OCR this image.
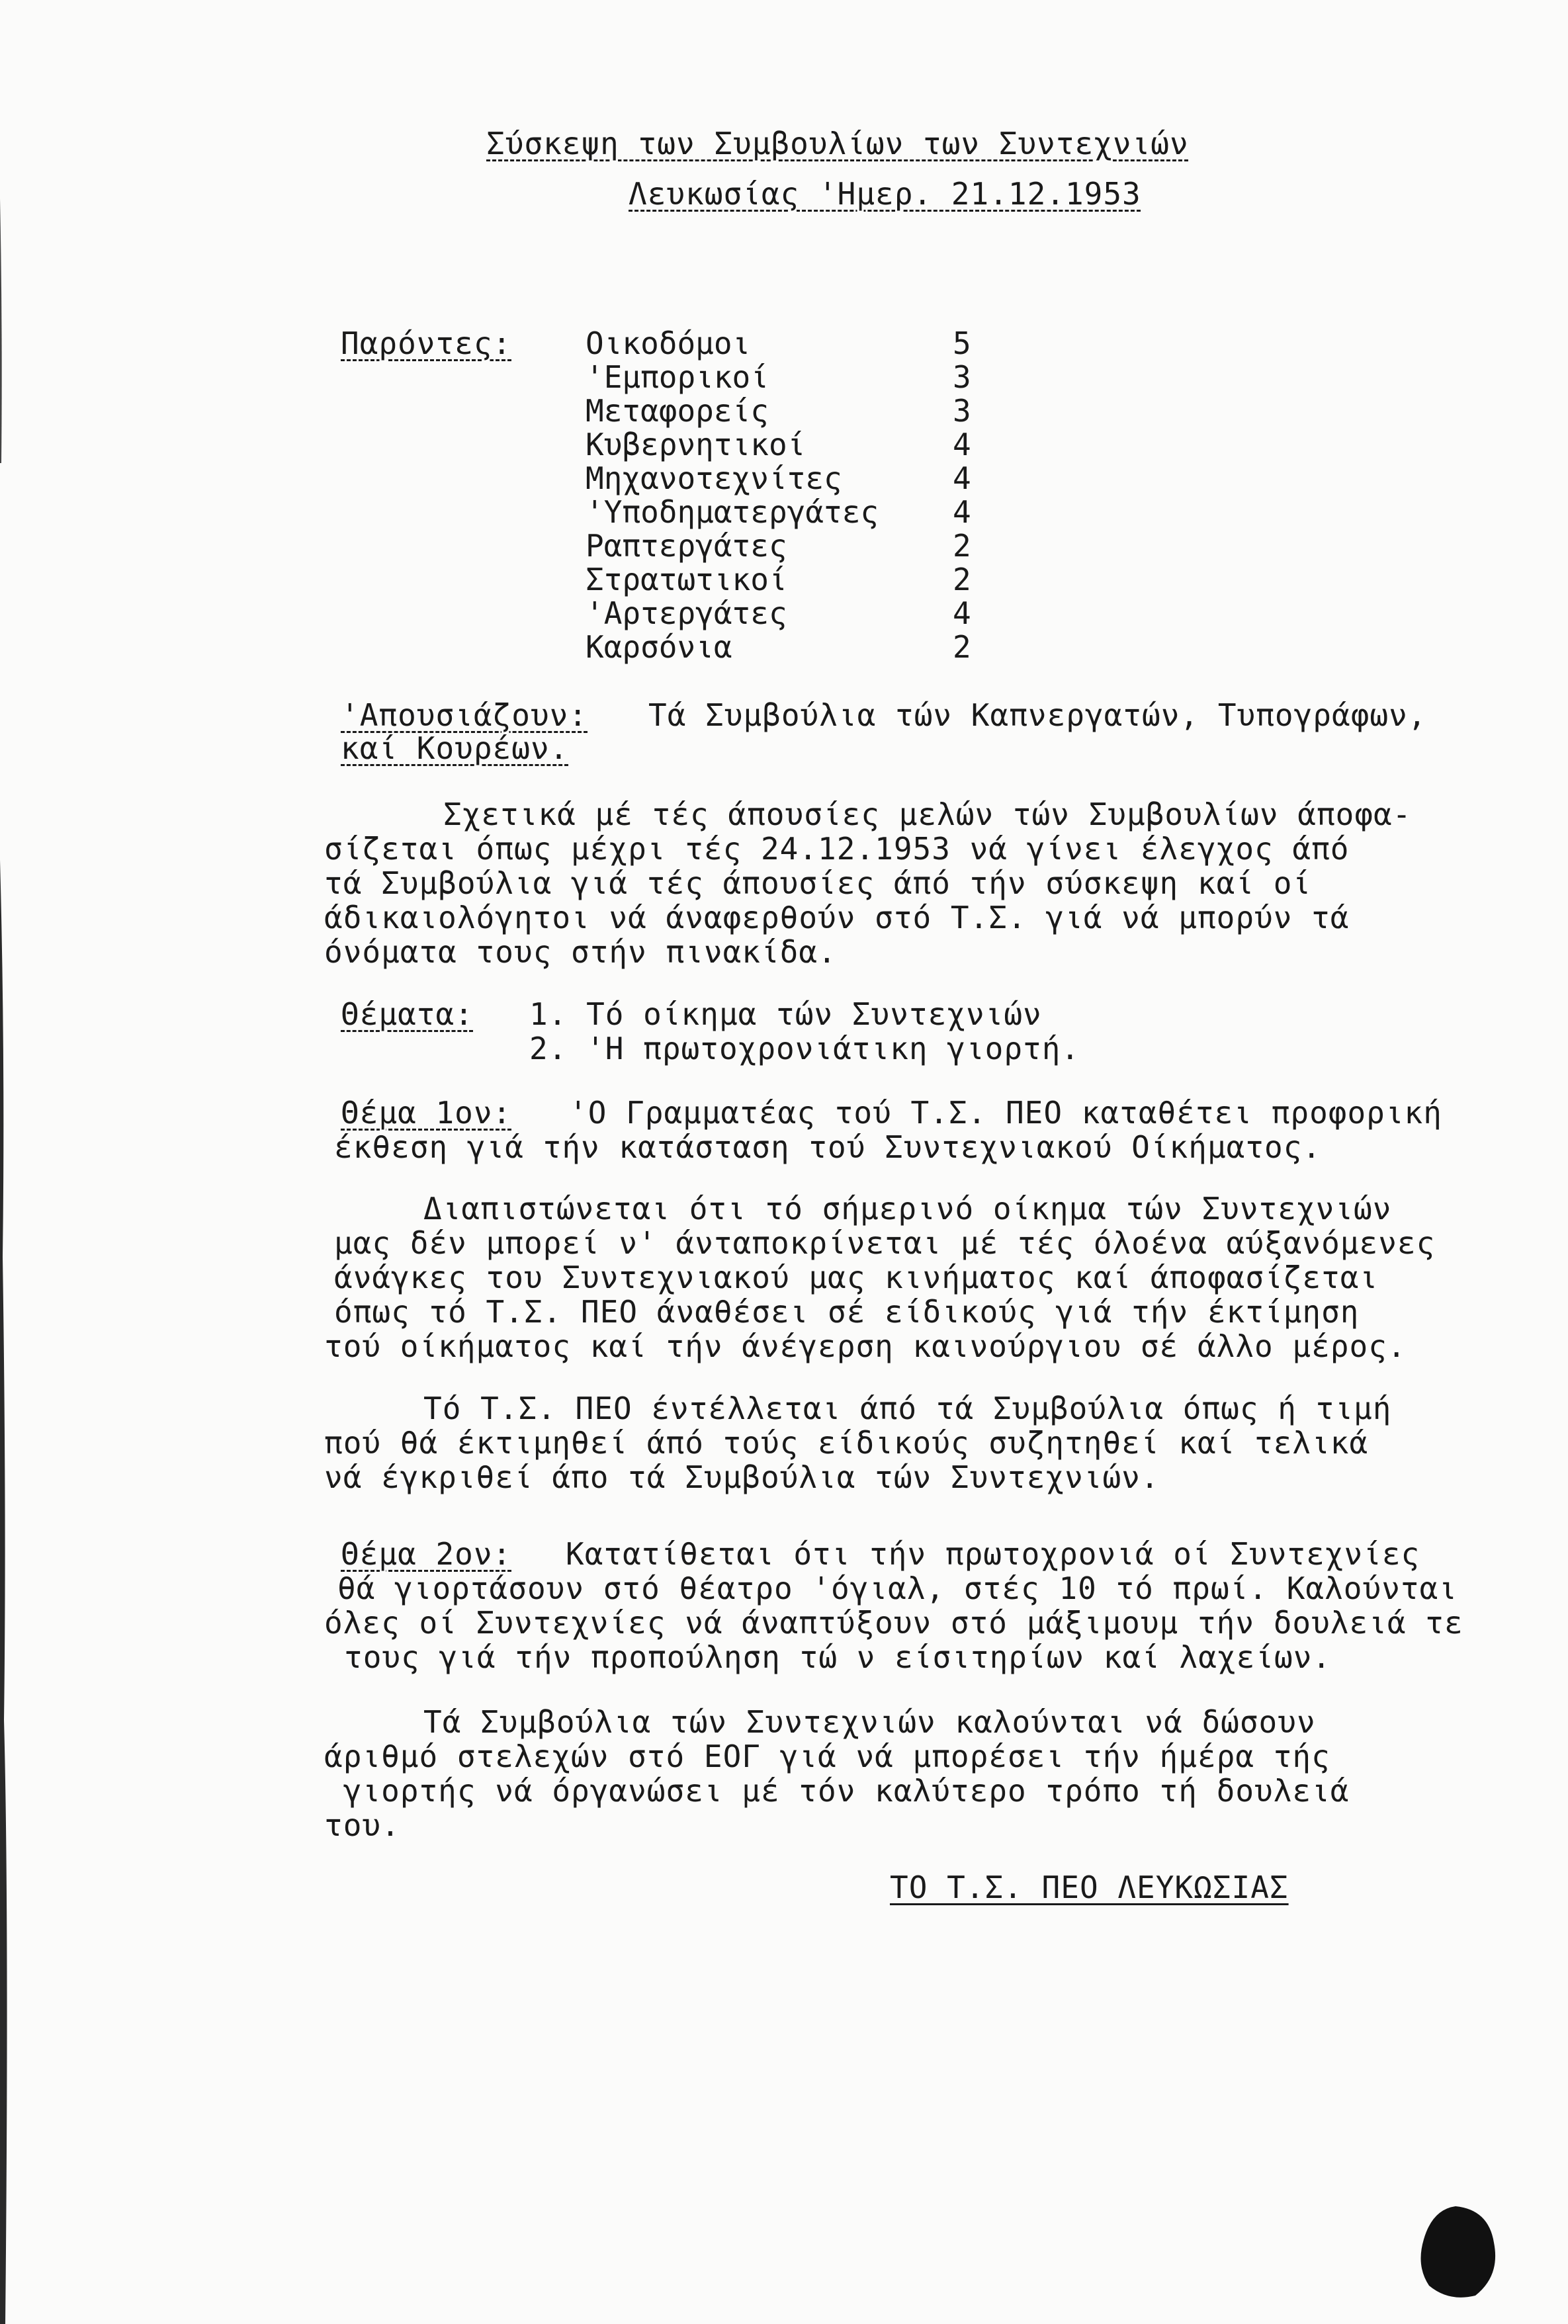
Σύσκεψη των Συμβουλίων των Συντεχνιών
Λευκωσίας 'Ημερ. 21.12.1953
Παρόντες: Οικοδόμοι	5
'Εμπορικοί	3
Μεταφορείς	3
Κυβερνητικοί	4
Μηχανοτεχνίτες	4
'Υποδηματεργάτες 4
Ραπτεργάτες	2
Στρατωτικοί	2
'Αρτεργάτες	4
Καρσόνια	2
'Απουσιάζουν: Τά Συμβούλια τών Καπνεργατών, Τυπογράφων,
καί Κουρέων.
Σχετικά μέ τές άπουσίες μελών τών Συμβουλίων άποφα-
σίζεται όπως μέχρι τές 24.12.1953 νά γίνει έλεγχος άπό
τά Συμβούλια γιά τές άπουσίες άπό τήν σύσκεψη καί οί
άδικαιολόγητοι νά άναφερθούν στό Τ.Σ. γιά νά μπορύν τά
όνόματα τους στήν πινακίδα.
Θέματα: 1. Τό οίκημα τών Συντεχνιών
2. 'Η πρωτοχρονιάτικη γιορτή.
Θέμα 1ον: 'Ο Γραμματέας τού Τ.Σ. ΠΕΟ καταθέτει προφορική
έκθεση γιά τήν κατάσταση τού Συντεχνιακού Οίκήματος.
Διαπιστώνεται ότι τό σήμερινό οίκημα τών Συντεχνιών
μας δέν μπορεί ν' άνταποκρίνεται μέ τές όλοένα αύξανόμενες
άνάγκες του Συντεχνιακού μας κινήματος καί άποφασίζεται
όπως τό Τ.Σ. ΠΕΟ άναθέσει σέ είδικούς γιά τήν έκτίμηση
τού οίκήματος καί τήν άνέγερση καινούργιου σέ άλλο μέρος.
Τό Τ.Σ. ΠΕΟ έντέλλεται άπό τά Συμβούλια όπως ή τιμή
πού θά έκτιμηθεί άπό τούς είδικούς συζητηθεί καί τελικά
νά έγκριθεί άπο τά Συμβούλια τών Συντεχνιών.
Θέμα 2ον: Κατατίθεται ότι τήν πρωτοχρονιά οί Συντεχνίες
θά γιορτάσουν στό θέατρο 'όγιαλ, στές 10 τό πρωί. Καλούνται
όλες οί Συντεχνίες νά άναπτύξουν στό μάξιμουμ τήν δουλειά τε
τους γιά τήν προπούληση τώ ν είσιτηρίων καί λαχείων.
Τά Συμβούλια τών Συντεχνιών καλούνται νά δώσουν
άριθμό στελεχών στό ΕΟΓ γιά νά μπορέσει τήν ήμέρα τής
γιορτής νά όργανώσει μέ τόν καλύτερο τρόπο τή δουλειά
του.
ΤΟ Τ.Σ. ΠΕΟ ΛΕΥΚΩΣΙΑΣ
